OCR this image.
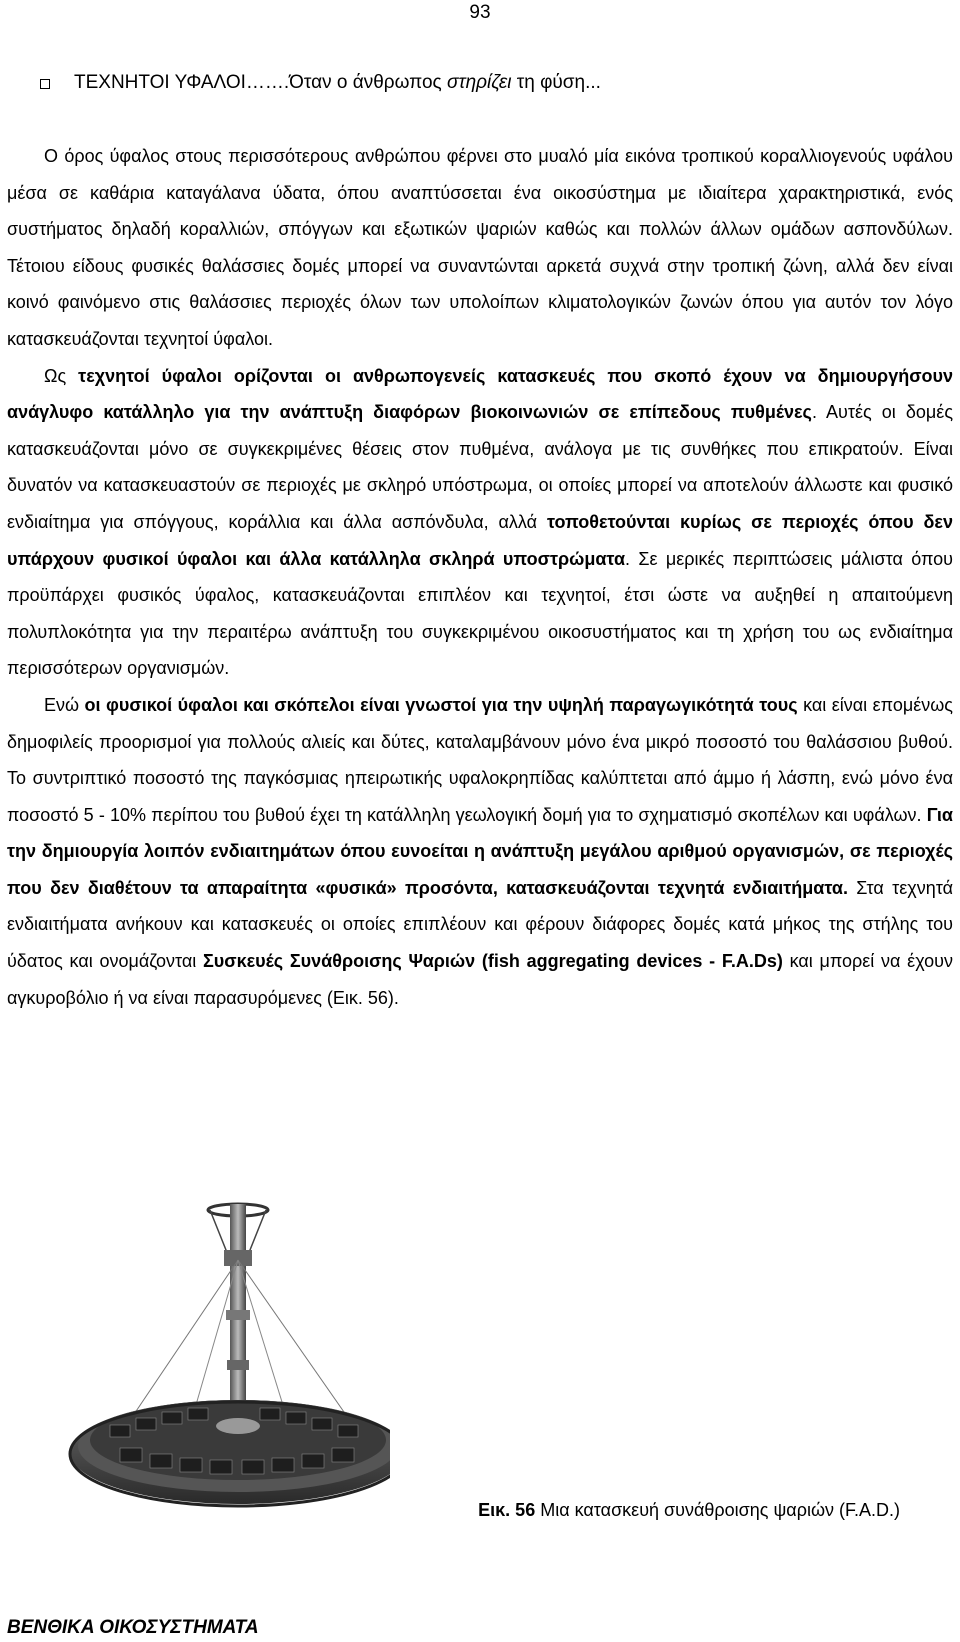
93
ΤΕΧΝΗΤΟΙ ΥΦΑΛΟΙ…….Όταν ο άνθρωπος στηρίζει τη φύση...

Ο όρος ύφαλος στους περισσότερους ανθρώπου φέρνει στο μυαλό μία εικόνα τροπικού κοραλλιογενούς υφάλου μέσα σε καθάρια καταγάλανα ύδατα, όπου αναπτύσσεται ένα οικοσύστημα με ιδιαίτερα χαρακτηριστικά, ενός συστήματος δηλαδή κοραλλιών, σπόγγων και εξωτικών ψαριών καθώς και πολλών άλλων ομάδων ασπονδύλων. Τέτοιου είδους φυσικές θαλάσσιες δομές μπορεί να συναντώνται αρκετά συχνά στην τροπική ζώνη, αλλά δεν είναι κοινό φαινόμενο στις θαλάσσιες περιοχές όλων των υπολοίπων κλιματολογικών ζωνών όπου για αυτόν τον λόγο κατασκευάζονται τεχνητοί ύφαλοι.

Ως τεχνητοί ύφαλοι ορίζονται οι ανθρωπογενείς κατασκευές που σκοπό έχουν να δημιουργήσουν ανάγλυφο κατάλληλο για την ανάπτυξη διαφόρων βιοκοινωνιών σε επίπεδους πυθμένες. Αυτές οι δομές κατασκευάζονται μόνο σε συγκεκριμένες θέσεις στον πυθμένα, ανάλογα με τις συνθήκες που επικρατούν. Είναι δυνατόν να κατασκευαστούν σε περιοχές με σκληρό υπόστρωμα, οι οποίες μπορεί να αποτελούν άλλωστε και φυσικό ενδιαίτημα για σπόγγους, κοράλλια και άλλα ασπόνδυλα, αλλά τοποθετούνται κυρίως σε περιοχές όπου δεν υπάρχουν φυσικοί ύφαλοι και άλλα κατάλληλα σκληρά υποστρώματα. Σε μερικές περιπτώσεις μάλιστα όπου προϋπάρχει φυσικός ύφαλος, κατασκευάζονται επιπλέον και τεχνητοί, έτσι ώστε να αυξηθεί η απαιτούμενη πολυπλοκότητα για την περαιτέρω ανάπτυξη του συγκεκριμένου οικοσυστήματος και τη χρήση του ως ενδιαίτημα περισσότερων οργανισμών.

Ενώ οι φυσικοί ύφαλοι και σκόπελοι είναι γνωστοί για την υψηλή παραγωγικότητά τους και είναι επομένως δημοφιλείς προορισμοί για πολλούς αλιείς και δύτες, καταλαμβάνουν μόνο ένα μικρό ποσοστό του θαλάσσιου βυθού. Το συντριπτικό ποσοστό της παγκόσμιας ηπειρωτικής υφαλοκρηπίδας καλύπτεται από άμμο ή λάσπη, ενώ μόνο ένα ποσοστό 5 - 10% περίπου του βυθού έχει τη κατάλληλη γεωλογική δομή για το σχηματισμό σκοπέλων και υφάλων. Για την δημιουργία λοιπόν ενδιαιτημάτων όπου ευνοείται η ανάπτυξη μεγάλου αριθμού οργανισμών, σε περιοχές που δεν διαθέτουν τα απαραίτητα «φυσικά» προσόντα, κατασκευάζονται τεχνητά ενδιαιτήματα. Στα τεχνητά ενδιαιτήματα ανήκουν και κατασκευές οι οποίες επιπλέουν και φέρουν διάφορες δομές κατά μήκος της στήλης του ύδατος και ονομάζονται Συσκευές Συνάθροισης Ψαριών (fish aggregating devices - F.A.Ds) και μπορεί να έχουν αγκυροβόλιο ή να είναι παρασυρόμενες (Εικ. 56).

Εικ. 56 Μια κατασκευή συνάθροισης ψαριών (F.A.D.)
ΒΕΝΘΙΚΑ ΟΙΚΟΣΥΣΤΗΜΑΤΑ
